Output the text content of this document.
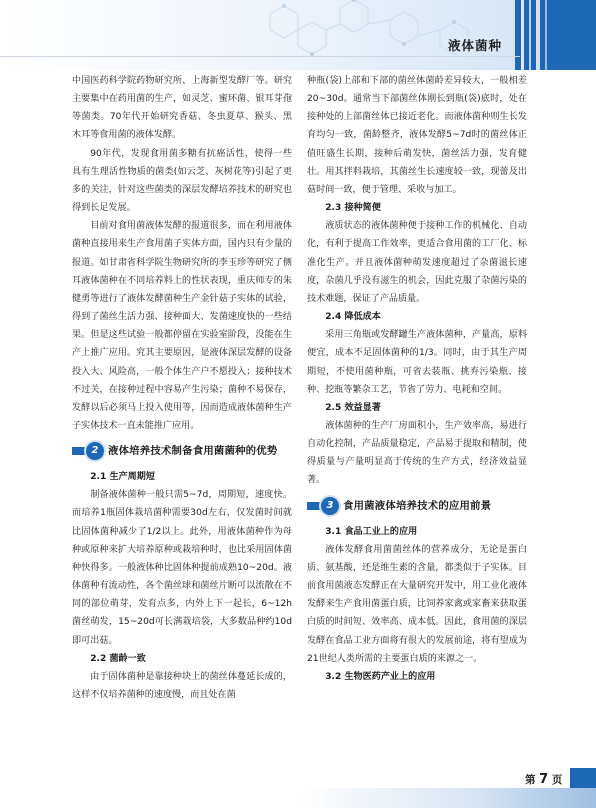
液体菌种

中国医药科学院药物研究所、上海新型发酵厂等。研究主要集中在药用菌的生产，如灵芝、蜜环菌、银耳芽孢等菌类。70年代开始研究香菇、冬虫夏草、猴头、黑木耳等食用菌的液体发酵。

90年代，发现食用菌多糖有抗癌活性，使得一些具有生理活性物质的菌类(如云芝、灰树花等)引起了更多的关注，针对这些菌类的深层发酵培养技术的研究也得到长足发展。

目前对食用菌液体发酵的报道很多，而在利用液体菌种直接用来生产食用菌子实体方面，国内只有少量的报道。如甘肃省科学院生物研究所的李玉珍等研究了侧耳液体菌种在不同培养料上的性状表现，重庆师专的朱健勇等进行了液体发酵菌种生产金针菇子实体的试验，得到了菌丝生活力强、接种面大、发菌速度快的一些结果。但是这些试验一般都停留在实验室阶段，没能在生产上推广应用。究其主要原因，是液体深层发酵的设备投入大、风险高，一般个体生产户不愿投入；接种技术不过关，在接种过程中容易产生污染；菌种不易保存，发酵以后必须马上投入使用等，因而造成液体菌种生产子实体技术一直未能推广应用。

2 液体培养技术制备食用菌菌种的优势

2.1 生产周期短

制备液体菌种一般只需5~7d，周期短，速度快。而培养1瓶固体栽培菌种需要30d左右，仅发菌时间就比固体菌种减少了1/2以上。此外，用液体菌种作为母种或原种来扩大培养原种或栽培种时，也比采用固体菌种快得多。一般液体种比固体种提前成熟10~20d。液体菌种有流动性，各个菌丝球和菌丝片断可以流散在不同的部位萌芽，发育点多，内外上下一起长，6~12h菌丝萌发，15~20d可长满栽培袋，大多数品种约10d即可出菇。

2.2 菌龄一致

由于固体菌种是靠接种块上的菌丝体蔓延长成的，这样不仅培养菌种的速度慢，而且处在菌

种瓶(袋)上部和下部的菌丝体菌龄差异较大，一般相差20~30d。通常当下部菌丝体刚长到瓶(袋)底时，处在接种处的上部菌丝体已接近老化。而液体菌种则生长发育均匀一致，菌龄整齐，液体发酵5~7d时的菌丝体正值旺盛生长期，接种后萌发快，菌丝活力强，发育健壮。用其拌料栽培，其菌丝生长速度较一致，现蕾及出菇时间一致，便于管理、采收与加工。

2.3 接种简便

液质状态的液体菌种便于接种工作的机械化、自动化，有利于提高工作效率，更适合食用菌的工厂化、标准化生产。并且液体菌种萌发速度超过了杂菌滋长速度，杂菌几乎没有滋生的机会，因此克服了杂菌污染的技术难题，保证了产品质量。

2.4 降低成本

采用三角瓶或发酵罐生产液体菌种，产量高，原料便宜，成本不足固体菌种的1/3。同时，由于其生产周期短，不使用菌种瓶，可省去装瓶、挑弃污染瓶、接种、挖瓶等繁杂工艺，节省了劳力、电耗和空间。

2.5 效益显著

液体菌种的生产厂房面积小，生产效率高，易进行自动化控制，产品质量稳定，产品易于提取和精制，使得质量与产量明显高于传统的生产方式，经济效益显著。

3 食用菌液体培养技术的应用前景

3.1 食品工业上的应用

液体发酵食用菌菌丝体的营养成分，无论是蛋白质、氨基酸，还是维生素的含量，都类似于子实体。目前食用菌液态发酵正在大量研究开发中，用工业化液体发酵来生产食用菌蛋白质，比饲养家禽或家畜来获取蛋白质的时间短、效率高、成本低。因此，食用菌的深层发酵在食品工业方面将有很大的发展前途，将有望成为21世纪人类所需的主要蛋白质的来源之一。

3.2 生物医药产业上的应用

第 7 页
